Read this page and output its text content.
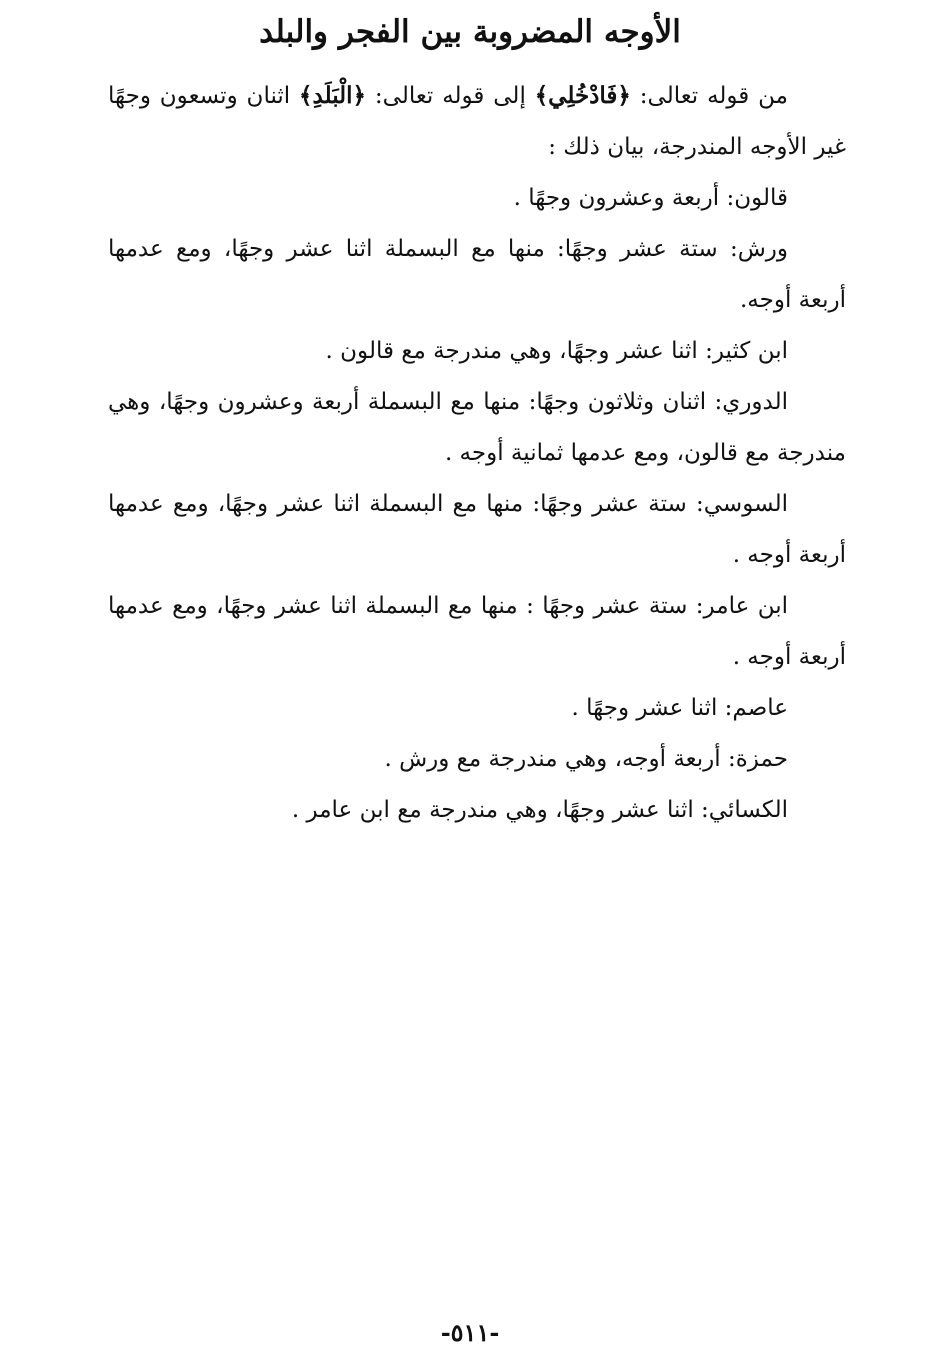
الأوجه المضروبة بين الفجر والبلد

من قوله تعالى: ﴿فَادْخُلِي﴾ إلى قوله تعالى: ﴿الْبَلَدِ﴾ اثنان وتسعون وجهًا غير الأوجه المندرجة، بيان ذلك :

قالون: أربعة وعشرون وجهًا .

ورش: ستة عشر وجهًا: منها مع البسملة اثنا عشر وجهًا، ومع عدمها أربعة أوجه.

ابن كثير: اثنا عشر وجهًا، وهي مندرجة مع قالون .

الدوري: اثنان وثلاثون وجهًا: منها مع البسملة أربعة وعشرون وجهًا، وهي مندرجة مع قالون، ومع عدمها ثمانية أوجه .

السوسي: ستة عشر وجهًا: منها مع البسملة اثنا عشر وجهًا، ومع عدمها أربعة أوجه .

ابن عامر: ستة عشر وجهًا : منها مع البسملة اثنا عشر وجهًا، ومع عدمها أربعة أوجه .

عاصم: اثنا عشر وجهًا .

حمزة: أربعة أوجه، وهي مندرجة مع ورش .

الكسائي: اثنا عشر وجهًا، وهي مندرجة مع ابن عامر .

-٥١١-
